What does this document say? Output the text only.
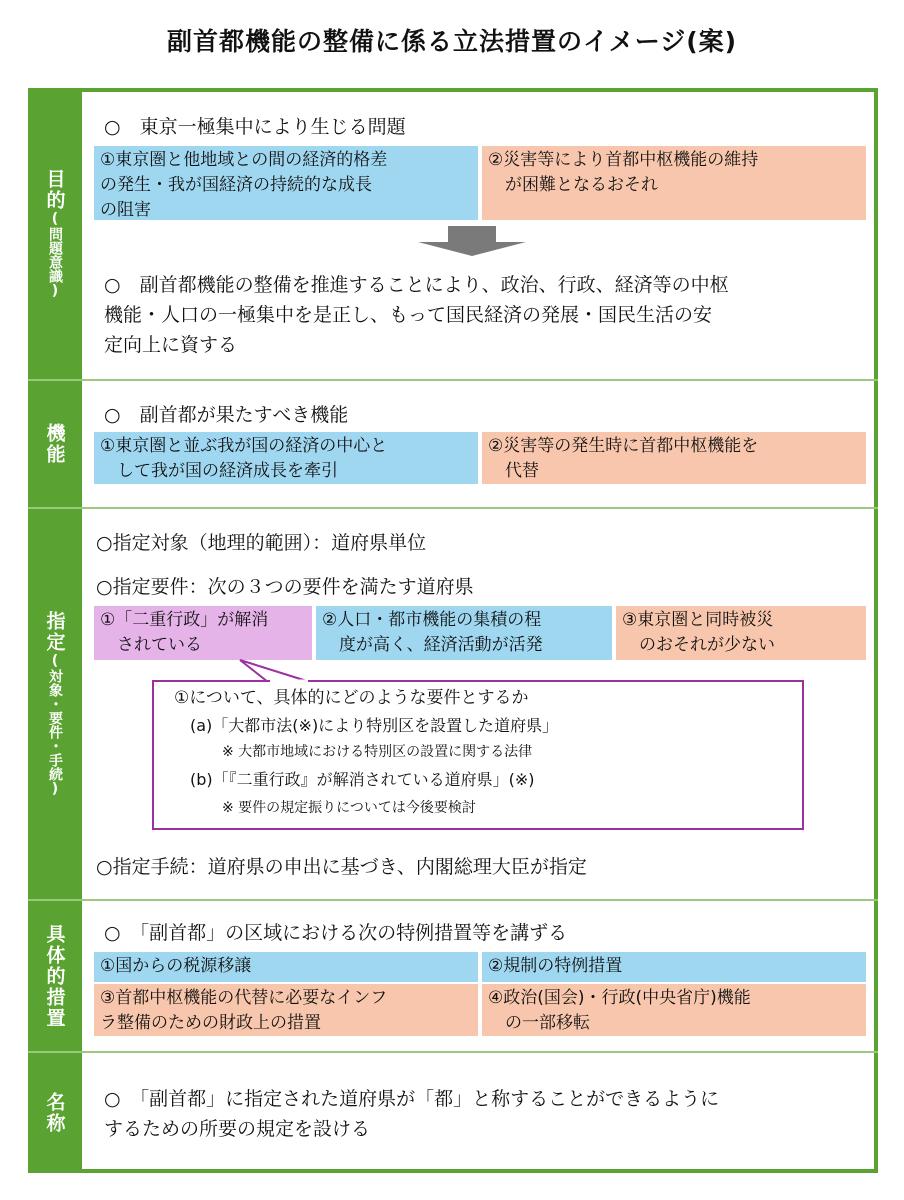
副首都機能の整備に係る立法措置のイメージ(案)
目的
(問題意識)
機能
指定
(対象・要件・手続)
具体的措置
名称
○　東京一極集中により生じる問題
①東京圏と他地域との間の経済的格差
の発生・我が国経済の持続的な成長
の阻害
②災害等により首都中枢機能の維持
　が困難となるおそれ
○　副首都機能の整備を推進することにより、政治、行政、経済等の中枢
機能・人口の一極集中を是正し、もって国民経済の発展・国民生活の安
定向上に資する
○　副首都が果たすべき機能
①東京圏と並ぶ我が国の経済の中心と
　して我が国の経済成長を牽引
②災害等の発生時に首都中枢機能を
　代替
○指定対象（地理的範囲）：道府県単位
○指定要件：次の３つの要件を満たす道府県
①「二重行政」が解消
　されている
②人口・都市機能の集積の程
　度が高く、経済活動が活発
③東京圏と同時被災
　のおそれが少ない
①について、具体的にどのような要件とするか
(a)「大都市法(※)により特別区を設置した道府県」
※ 大都市地域における特別区の設置に関する法律
(b)「『二重行政』が解消されている道府県」(※)
※ 要件の規定振りについては今後要検討
○指定手続：道府県の申出に基づき、内閣総理大臣が指定
○　「副首都」の区域における次の特例措置等を講ずる
①国からの税源移譲	②規制の特例措置
③首都中枢機能の代替に必要なインフ
ラ整備のための財政上の措置
④政治(国会)・行政(中央省庁)機能
　の一部移転
○　「副首都」に指定された道府県が「都」と称することができるように
するための所要の規定を設ける
